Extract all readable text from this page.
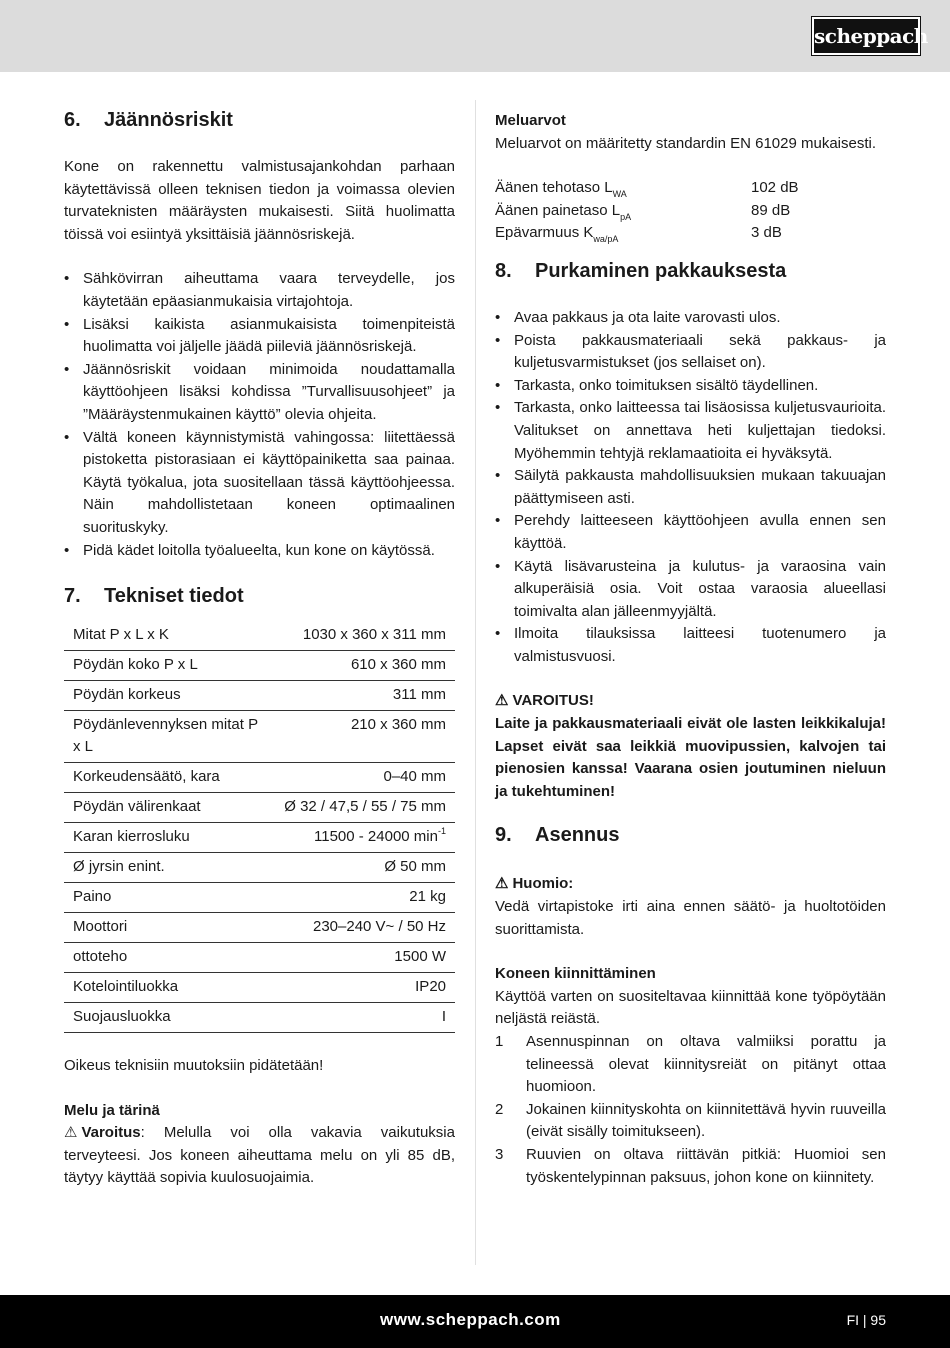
scheppach
6.	Jäännösriskit

Kone on rakennettu valmistusajankohdan parhaan käytettävissä olleen teknisen tiedon ja voimassa olevien turvateknisten määräysten mukaisesti. Siitä huolimatta töissä voi esiintyä yksittäisiä jäännösriskejä.

• Sähkövirran aiheuttama vaara terveydelle, jos käytetään epäasianmukaisia virtajohtoja.
• Lisäksi kaikista asianmukaisista toimenpiteistä huolimatta voi jäljelle jäädä piileviä jäännösriskejä.
• Jäännösriskit voidaan minimoida noudattamalla käyttöohjeen lisäksi kohdissa ”Turvallisuusohjeet” ja ”Määräystenmukainen käyttö” olevia ohjeita.
• Vältä koneen käynnistymistä vahingossa: liitettäessä pistoketta pistorasiaan ei käyttöpainiketta saa painaa. Käytä työkalua, jota suositellaan tässä käyttöohjeessa. Näin mahdollistetaan koneen optimaalinen suorituskyky.
• Pidä kädet loitolla työalueelta, kun kone on käytössä.
7.	Tekniset tiedot
Mitat P x L x K	1030 x 360 x 311 mm
Pöydän koko P x L	610 x 360 mm
Pöydän korkeus	311 mm
Pöydänlevennyksen mitat P x L	210 x 360 mm
Korkeudensäätö, kara	0–40 mm
Pöydän välirenkaat	Ø 32 / 47,5 / 55 / 75 mm
Karan kierrosluku	11500 - 24000 $\min^{-1}$
Ø jyrsin enint.	Ø 50 mm
Paino	21 kg
Moottori	230–240 V~ / 50 Hz
ottoteho	1500 W
Kotelointiluokka	IP20
Suojausluokka	I

Oikeus teknisiin muutoksiin pidätetään!

Melu ja tärinä

⚠ Varoitus: Melulla voi olla vakavia vaikutuksia terveyteesi. Jos koneen aiheuttama melu on yli 85 dB, täytyy käyttää sopivia kuulosuojaimia.

Meluarvot

Meluarvot on määritetty standardin EN 61029 mukaisesti.

Äänen tehotaso $L_{WA}$	102 dB
Äänen painetaso $L_{pA}$	89 dB
Epävarmuus $K_{wa/pA}$	3 dB
8.	Purkaminen pakkauksesta
• Avaa pakkaus ja ota laite varovasti ulos.
• Poista pakkausmateriaali sekä pakkaus- ja kuljetusvarmistukset (jos sellaiset on).
• Tarkasta, onko toimituksen sisältö täydellinen.
• Tarkasta, onko laitteessa tai lisäosissa kuljetusvaurioita. Valitukset on annettava heti kuljettajan tiedoksi. Myöhemmin tehtyjä reklamaatioita ei hyväksytä.
• Säilytä pakkausta mahdollisuuksien mukaan takuuajan päättymiseen asti.
• Perehdy laitteeseen käyttöohjeen avulla ennen sen käyttöä.
• Käytä lisävarusteina ja kulutus- ja varaosina vain alkuperäisiä osia. Voit ostaa varaosia alueellasi toimivalta alan jälleenmyyjältä.
• Ilmoita tilauksissa laitteesi tuotenumero ja valmistusvuosi.

⚠ VAROITUS!

Laite ja pakkausmateriaali eivät ole lasten leikkikaluja! Lapset eivät saa leikkiä muovipussien, kalvojen tai pienosien kanssa! Vaarana osien joutuminen nieluun ja tukehtuminen!

9.	Asennus

⚠ Huomio:

Vedä virtapistoke irti aina ennen säätö- ja huoltotöiden suorittamista.

Koneen kiinnittäminen

Käyttöä varten on suositeltavaa kiinnittää kone työpöytään neljästä reiästä.

1 Asennuspinnan on oltava valmiiksi porattu ja telineessä olevat kiinnitysreiät on pitänyt ottaa huomioon.
2 Jokainen kiinnityskohta on kiinnitettävä hyvin ruuveilla (eivät sisälly toimitukseen).
3 Ruuvien on oltava riittävän pitkiä: Huomioi sen työskentelypinnan paksuus, johon kone on kiinnitety.
www.scheppach.com	FI | 95
